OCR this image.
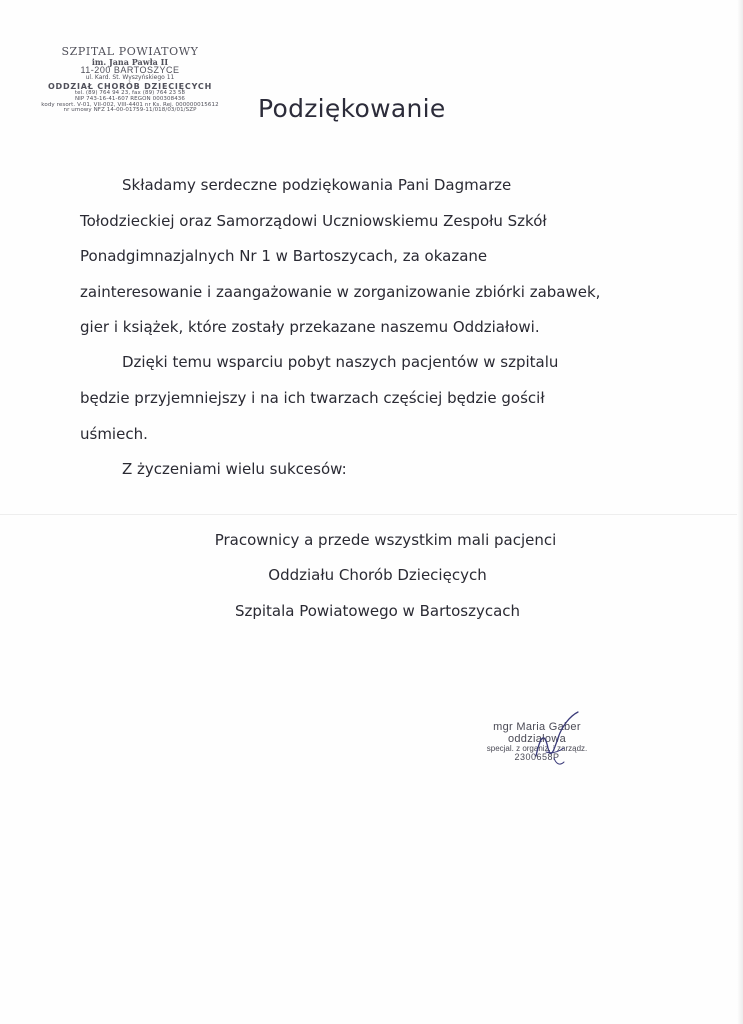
SZPITAL POWIATOWY
im. Jana Pawła II
11-200 BARTOSZYCE
ul. Kard. St. Wyszyńskiego 11
ODDZIAŁ CHORÓB DZIECIĘCYCH
tel. (89) 764 94 23, fax (89) 764 23 58
NIP 743-16-41-607 REGON 000308436
kody resort. V-01, VII-002, VIII-4401 nr Ks. Rej. 000000015612
nr umowy NFZ 14-00-01759-11/018/03/01/SZP	Podziękowanie
Składamy serdeczne podziękowania Pani Dagmarze
Tołodzieckiej oraz Samorządowi Uczniowskiemu Zespołu Szkół
Ponadgimnazjalnych Nr 1 w Bartoszycach, za okazane
zainteresowanie i zaangażowanie w zorganizowanie zbiórki zabawek,
gier i książek, które zostały przekazane naszemu Oddziałowi.
Dzięki temu wsparciu pobyt naszych pacjentów w szpitalu
będzie przyjemniejszy i na ich twarzach częściej będzie gościł
uśmiech.
Z życzeniami wielu sukcesów:
Pracownicy a przede wszystkim mali pacjenci
Oddziału Chorób Dziecięcych
Szpitala Powiatowego w Bartoszycach
mgr Maria Gaber
oddziałowa
specjal. z organiz. i zarządz.
2300658P
